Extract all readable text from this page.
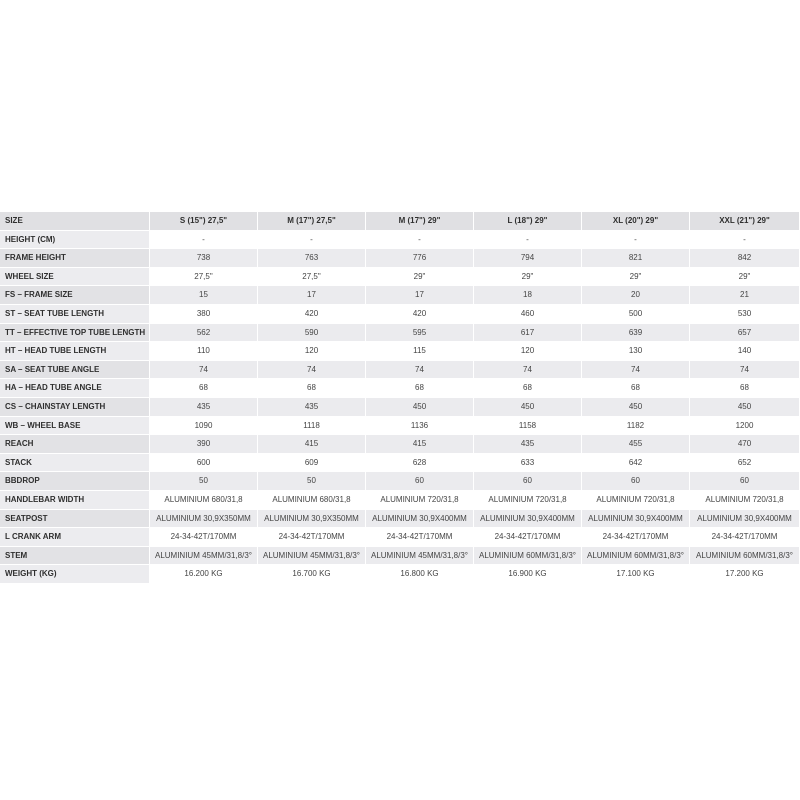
SIZE	S (15") 27,5"	M (17") 27,5"	M (17") 29"	L (18") 29"	XL (20") 29"	XXL (21") 29"
HEIGHT (CM)	-	-	-	-	-	-
FRAME HEIGHT	738	763	776	794	821	842
WHEEL SIZE	27,5"	27,5"	29"	29"	29"	29"
FS – FRAME SIZE	15	17	17	18	20	21
ST – SEAT TUBE LENGTH	380	420	420	460	500	530
TT – EFFECTIVE TOP TUBE LENGTH	562	590	595	617	639	657
HT – HEAD TUBE LENGTH	110	120	115	120	130	140
SA – SEAT TUBE ANGLE	74	74	74	74	74	74
HA – HEAD TUBE ANGLE	68	68	68	68	68	68
CS – CHAINSTAY LENGTH	435	435	450	450	450	450
WB – WHEEL BASE	1090	1118	1136	1158	1182	1200
REACH	390	415	415	435	455	470
STACK	600	609	628	633	642	652
BBDROP	50	50	60	60	60	60
HANDLEBAR WIDTH	ALUMINIUM 680/31,8	ALUMINIUM 680/31,8	ALUMINIUM 720/31,8	ALUMINIUM 720/31,8	ALUMINIUM 720/31,8	ALUMINIUM 720/31,8
SEATPOST	ALUMINIUM 30,9X350MM	ALUMINIUM 30,9X350MM	ALUMINIUM 30,9X400MM	ALUMINIUM 30,9X400MM	ALUMINIUM 30,9X400MM	ALUMINIUM 30,9X400MM
L CRANK ARM	24-34-42T/170MM	24-34-42T/170MM	24-34-42T/170MM	24-34-42T/170MM	24-34-42T/170MM	24-34-42T/170MM
STEM	ALUMINIUM 45MM/31,8/3°	ALUMINIUM 45MM/31,8/3°	ALUMINIUM 45MM/31,8/3°	ALUMINIUM 60MM/31,8/3°	ALUMINIUM 60MM/31,8/3°	ALUMINIUM 60MM/31,8/3°
WEIGHT (KG)	16.200 KG	16.700 KG	16.800 KG	16.900 KG	17.100 KG	17.200 KG
